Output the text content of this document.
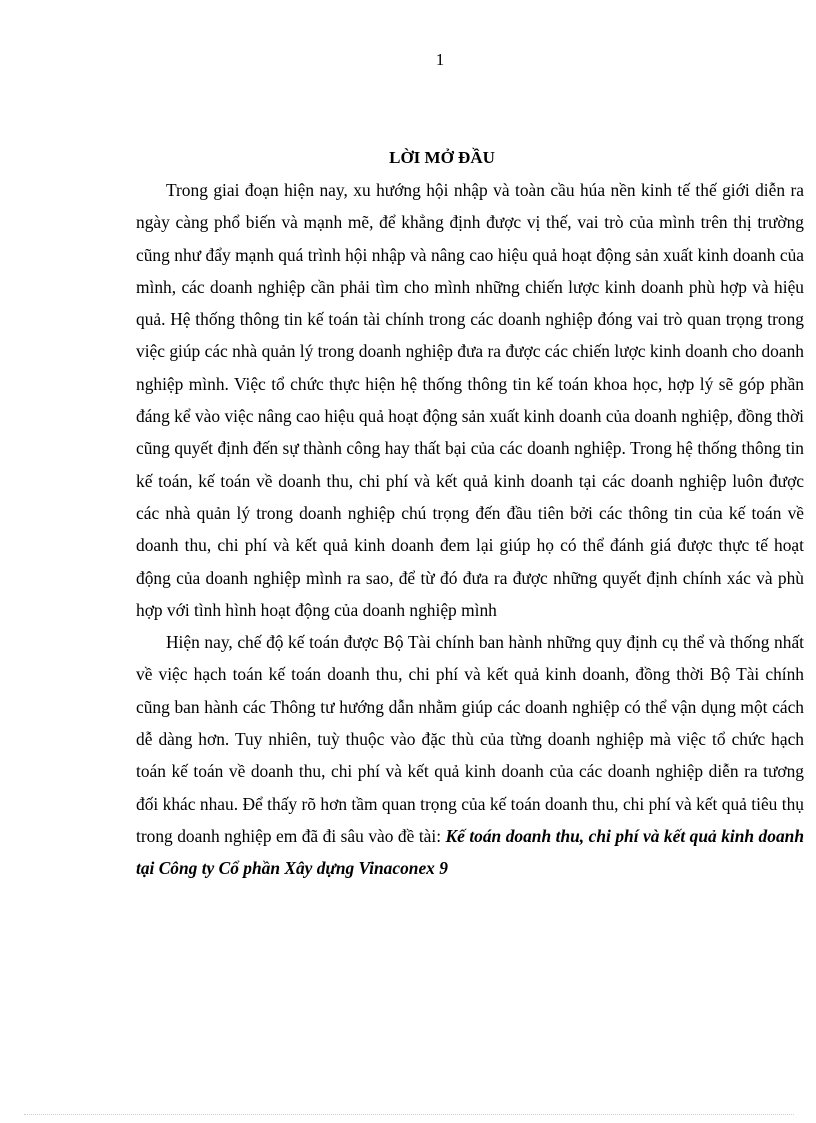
1
LỜI MỞ ĐẦU

Trong giai đoạn hiện nay, xu hướng hội nhập và toàn cầu húa nền kinh tế thế giới diễn ra ngày càng phổ biến và mạnh mẽ, để khẳng định được vị thế, vai trò của mình trên thị trường cũng như đẩy mạnh quá trình hội nhập và nâng cao hiệu quả hoạt động sản xuất kinh doanh của mình, các doanh nghiệp cần phải tìm cho mình những chiến lược kinh doanh phù hợp và hiệu quả. Hệ thống thông tin kế toán tài chính trong các doanh nghiệp đóng vai trò quan trọng trong việc giúp các nhà quản lý trong doanh nghiệp đưa ra được các chiến lược kinh doanh cho doanh nghiệp mình. Việc tổ chức thực hiện hệ thống thông tin kế toán khoa học, hợp lý sẽ góp phần đáng kể vào việc nâng cao hiệu quả hoạt động sản xuất kinh doanh của doanh nghiệp, đồng thời cũng quyết định đến sự thành công hay thất bại của các doanh nghiệp. Trong hệ thống thông tin kế toán, kế toán về doanh thu, chi phí và kết quả kinh doanh tại các doanh nghiệp luôn được các nhà quản lý trong doanh nghiệp chú trọng đến đầu tiên bởi các thông tin của kế toán về doanh thu, chi phí và kết quả kinh doanh đem lại giúp họ có thể đánh giá được thực tế hoạt động của doanh nghiệp mình ra sao, để từ đó đưa ra được những quyết định chính xác và phù hợp với tình hình hoạt động của doanh nghiệp mình

Hiện nay, chế độ kế toán được Bộ Tài chính ban hành những quy định cụ thể và thống nhất về việc hạch toán kế toán doanh thu, chi phí và kết quả kinh doanh, đồng thời Bộ Tài chính cũng ban hành các Thông tư hướng dẫn nhằm giúp các doanh nghiệp có thể vận dụng một cách dễ dàng hơn. Tuy nhiên, tuỳ thuộc vào đặc thù của từng doanh nghiệp mà việc tổ chức hạch toán kế toán về doanh thu, chi phí và kết quả kinh doanh của các doanh nghiệp diễn ra tương đối khác nhau. Để thấy rõ hơn tầm quan trọng của kế toán doanh thu, chi phí và kết quả tiêu thụ trong doanh nghiệp em đã đi sâu vào đề tài: Kế toán doanh thu, chi phí và kết quả kinh doanh tại Công ty Cổ phần Xây dựng Vinaconex 9
